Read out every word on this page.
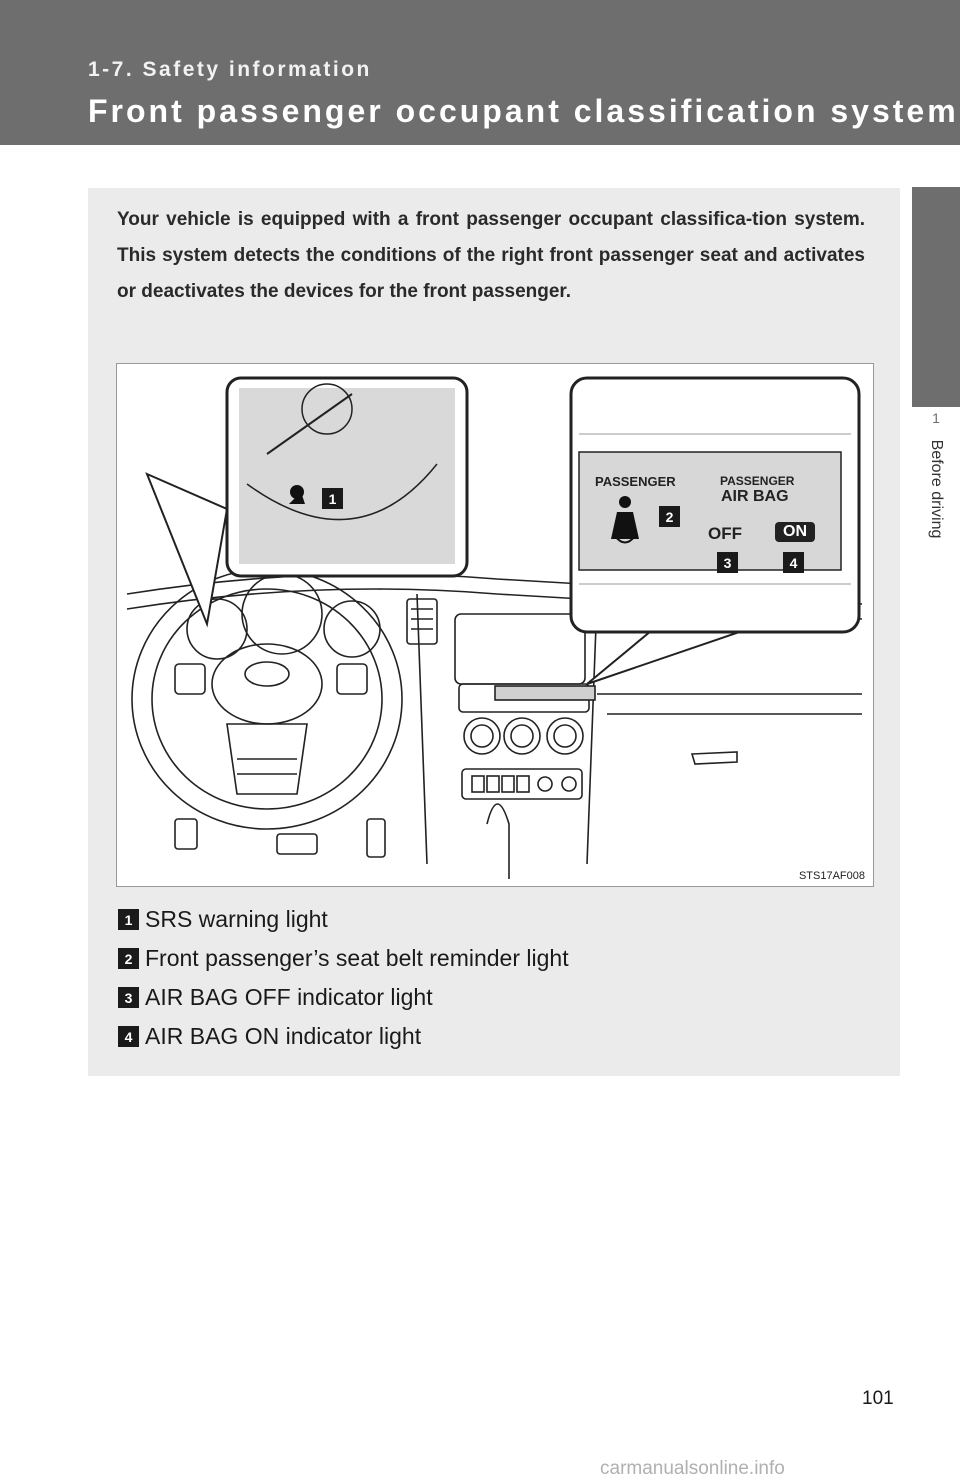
1-7. Safety information
Front passenger occupant classification system
1
Before driving
Your vehicle is equipped with a front passenger occupant classifica-tion system. This system detects the conditions of the right front passenger seat and activates or deactivates the devices for the front passenger.
PASSENGER	PASSENGER
AIR BAG
OFF	ON
1
2
3	4
STS17AF008
1 SRS warning light
2 Front passenger’s seat belt reminder light
3 AIR BAG OFF indicator light
4 AIR BAG ON indicator light
101
carmanualsonline.info
